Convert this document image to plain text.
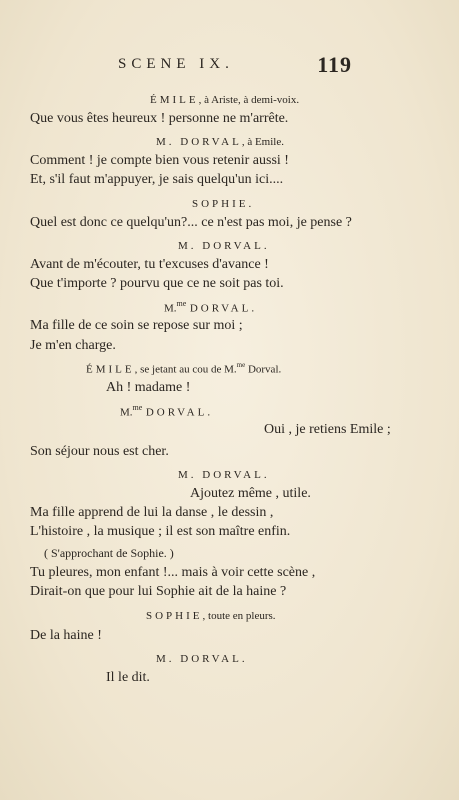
SCENE IX.	119
ÉMILE, à Ariste, à demi-voix.
Que vous êtes heureux ! personne ne m'arrête.
M. DORVAL, à Emile.
Comment ! je compte bien vous retenir aussi !
Et, s'il faut m'appuyer, je sais quelqu'un ici....
SOPHIE.
Quel est donc ce quelqu'un?... ce n'est pas moi, je pense ?
M. DORVAL.
Avant de m'écouter, tu t'excuses d'avance !
Que t'importe ? pourvu que ce ne soit pas toi.
M.$^{me}$ DORVAL.
Ma fille de ce soin se repose sur moi ;
Je m'en charge.
ÉMILE, se jetant au cou de M.$^{me}$ Dorval.
Ah ! madame !
M.$^{me}$ DORVAL.
Oui , je retiens Emile ;
Son séjour nous est cher.
M. DORVAL.
Ajoutez même , utile.
Ma fille apprend de lui la danse , le dessin ,
L'histoire , la musique ; il est son maître enfin.
( S'approchant de Sophie. )
Tu pleures, mon enfant !... mais à voir cette scène ,
Dirait-on que pour lui Sophie ait de la haine ?
SOPHIE, toute en pleurs.
De la haine !
M. DORVAL.
Il le dit.
